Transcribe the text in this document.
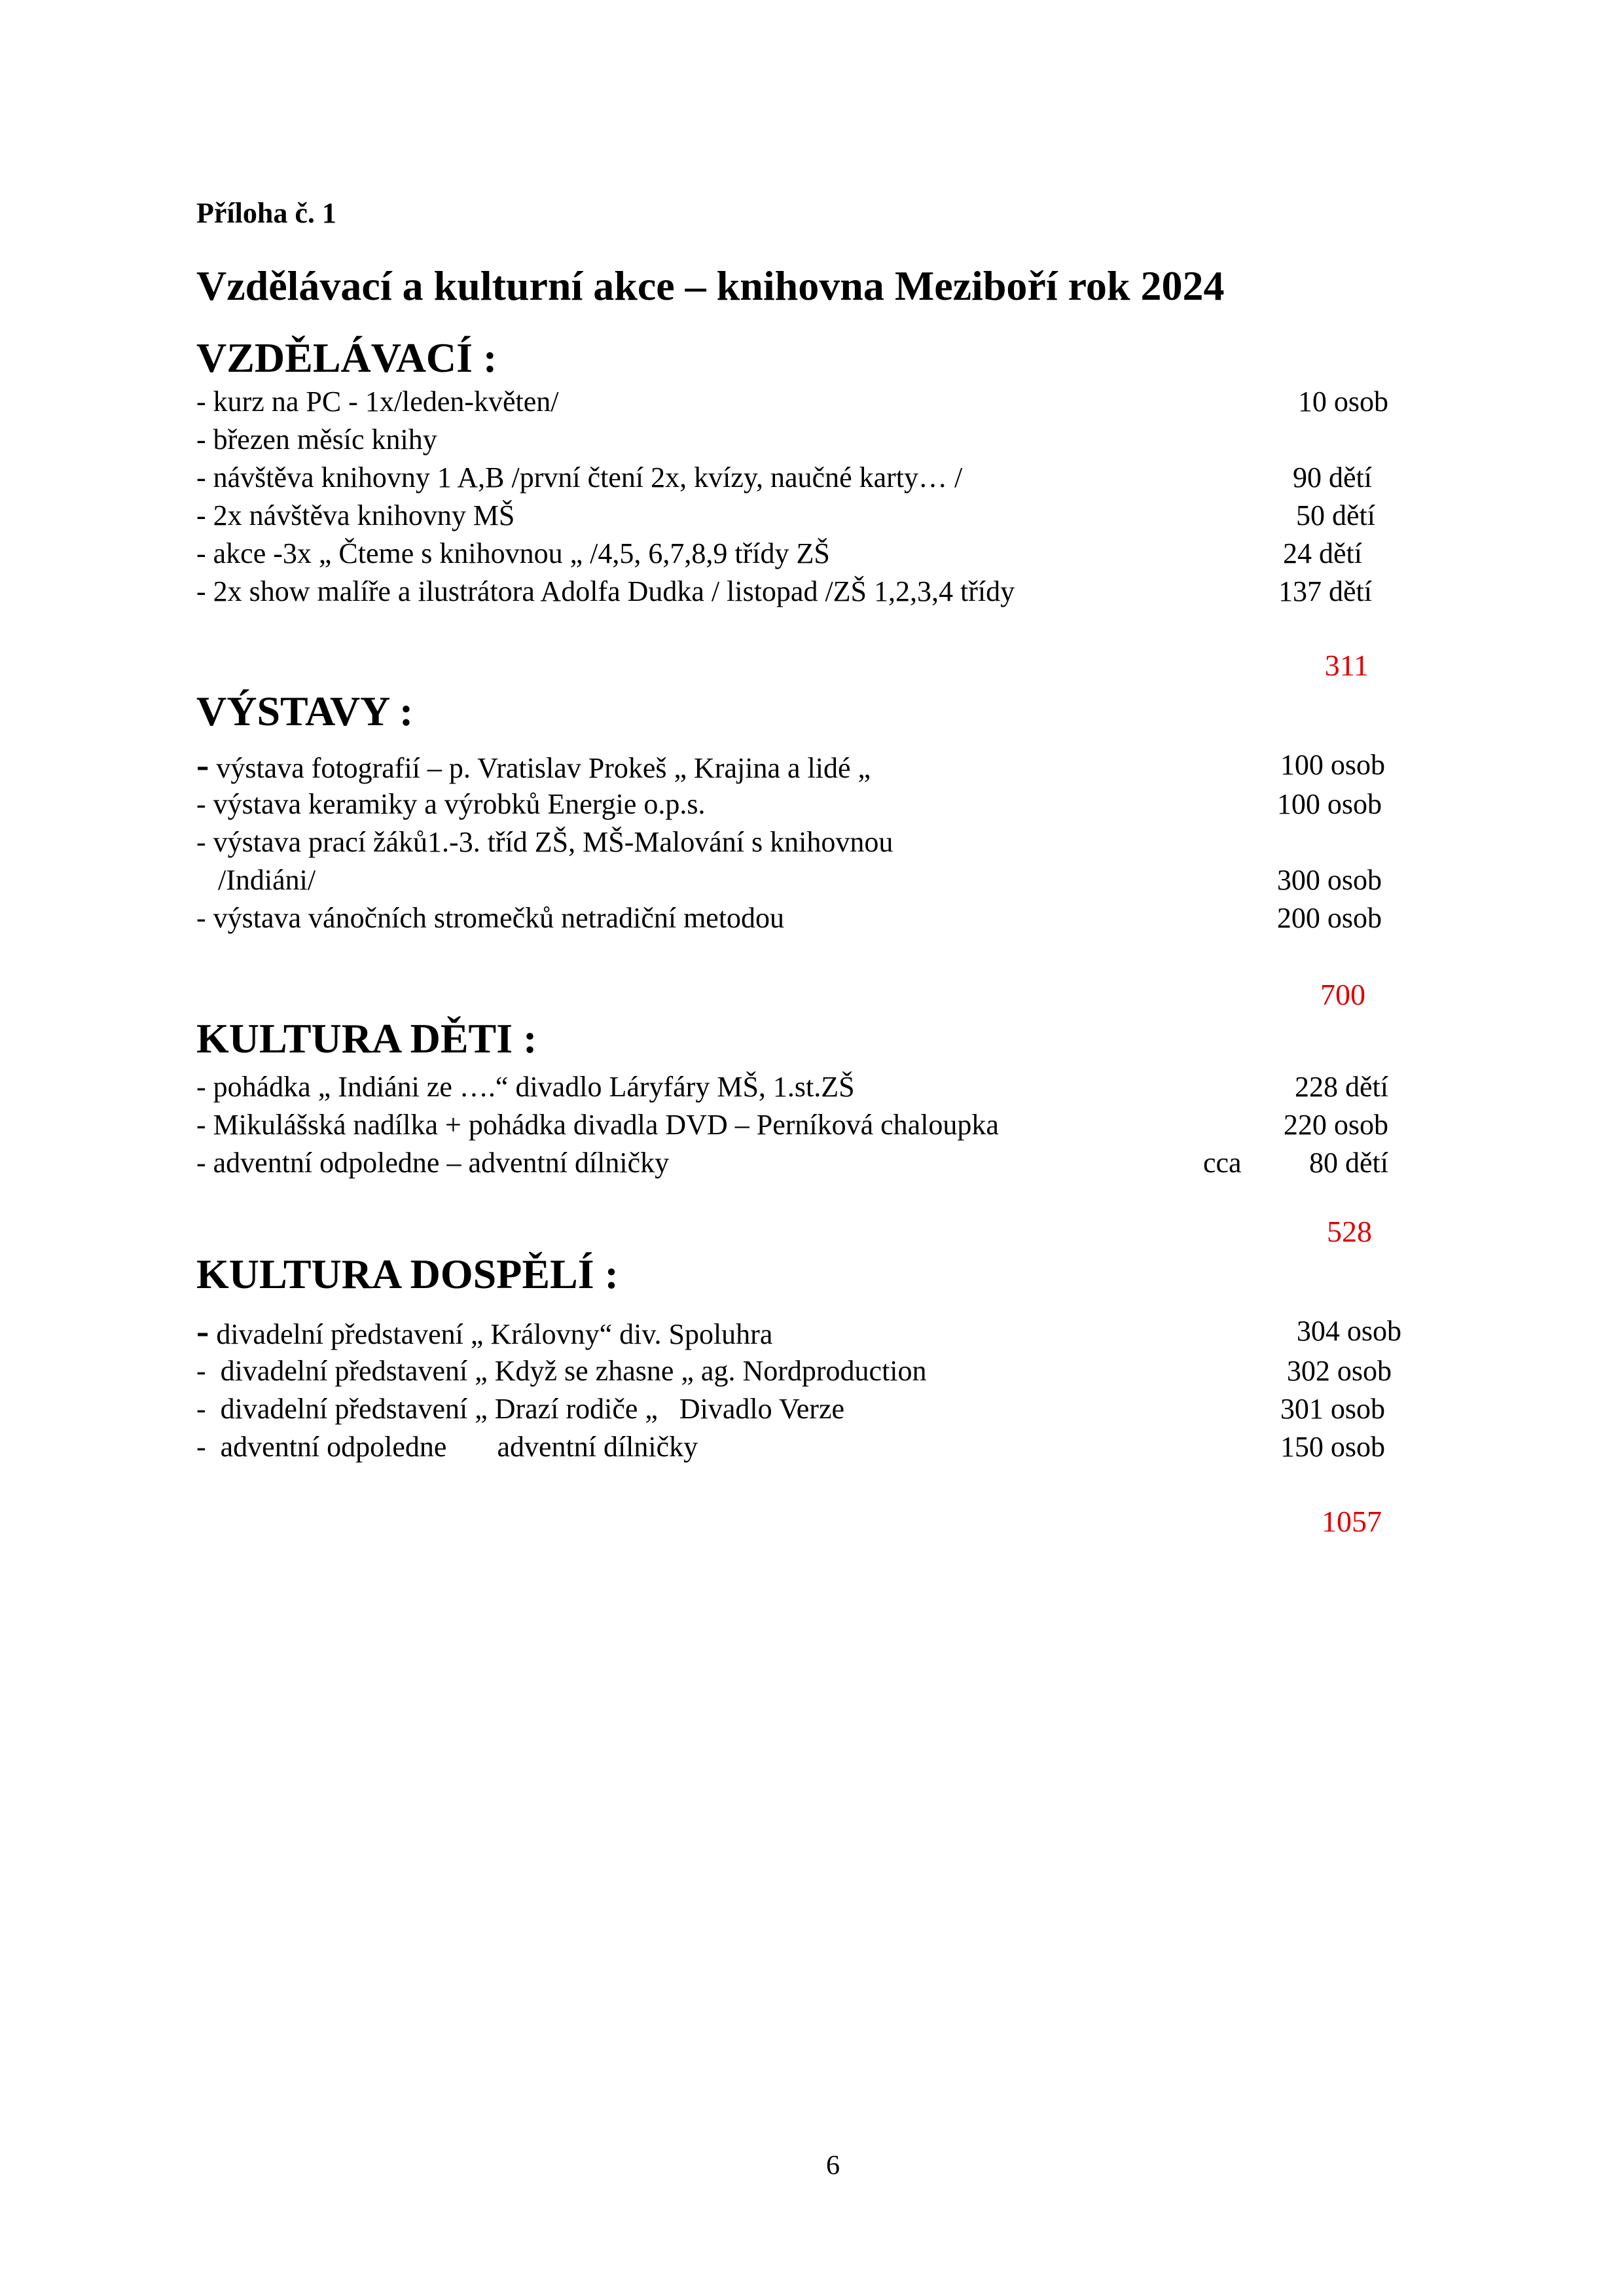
Příloha č. 1
Vzdělávací a kulturní akce – knihovna Meziboří rok 2024
VZDĚLÁVACÍ :
- kurz na PC - 1x/leden-květen/	10 osob
- březen měsíc knihy
- návštěva knihovny 1 A,B /první čtení 2x, kvízy, naučné karty… /	90 dětí
- 2x návštěva knihovny MŠ	50 dětí
- akce -3x „ Čteme s knihovnou „ /4,5, 6,7,8,9 třídy ZŠ	24 dětí
- 2x show malíře a ilustrátora Adolfa Dudka / listopad /ZŠ 1,2,3,4 třídy	137 dětí
311
VÝSTAVY :
- výstava fotografií – p. Vratislav Prokeš „ Krajina a lidé „	100 osob
- výstava keramiky a výrobků Energie o.p.s.	100 osob
- výstava prací žáků1.-3. tříd ZŠ, MŠ-Malování s knihovnou
/Indiáni/	300 osob
- výstava vánočních stromečků netradiční metodou	200 osob
700
KULTURA DĚTI :
- pohádka „ Indiáni ze ….“ divadlo Láryfáry MŠ, 1.st.ZŠ	228 dětí
- Mikulášská nadílka + pohádka divadla DVD – Perníková chaloupka	220 osob
- adventní odpoledne – adventní dílničky	cca 80 dětí
528
KULTURA DOSPĚLÍ :
- divadelní představení „ Královny“ div. Spoluhra	304 osob
-  divadelní představení „ Když se zhasne „ ag. Nordproduction	302 osob
-  divadelní představení „ Drazí rodiče „   Divadlo Verze	301 osob
-  adventní odpoledne       adventní dílničky	150 osob
1057
6
